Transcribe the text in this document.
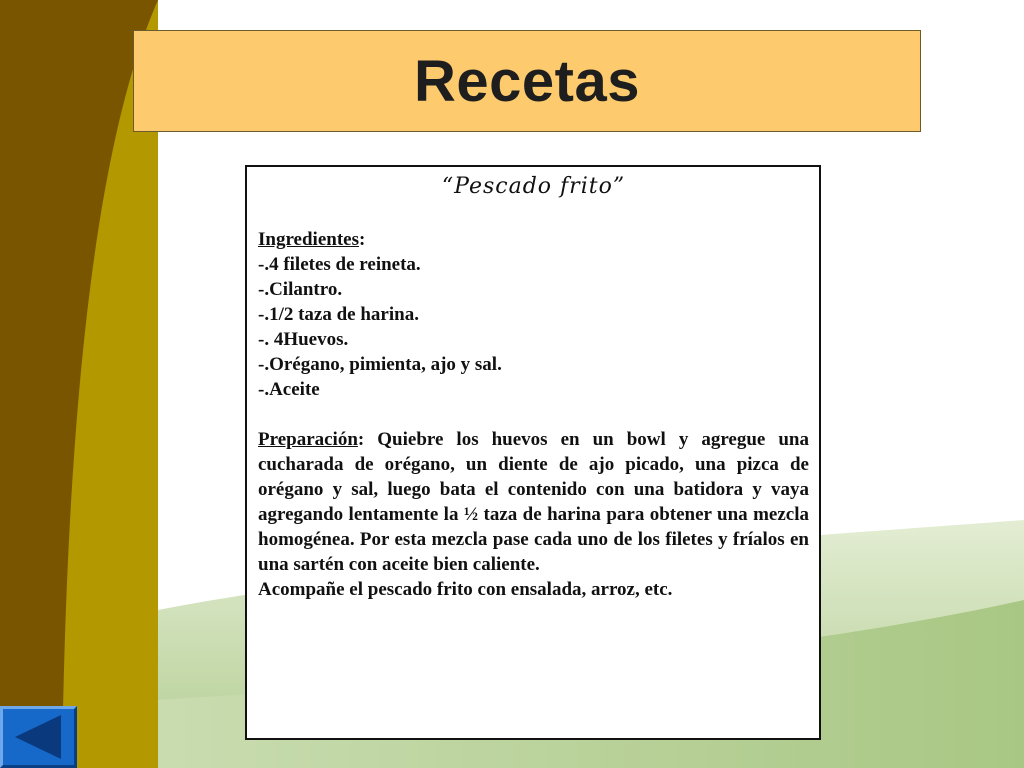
Recetas
“Pescado frito”
Ingredientes:
-.4 filetes de reineta.
-.Cilantro.
-.1/2 taza de harina.
-. 4Huevos.
-.Orégano, pimienta, ajo y sal.
-.Aceite
Preparación: Quiebre los huevos en un bowl y agregue una cucharada de orégano, un diente de ajo picado, una pizca de orégano y sal, luego bata el contenido con una batidora y vaya agregando lentamente la ½ taza de harina para obtener una mezcla homogénea. Por esta mezcla pase cada uno de los filetes y fríalos en una sartén con aceite bien caliente.
Acompañe el pescado frito con ensalada, arroz, etc.
